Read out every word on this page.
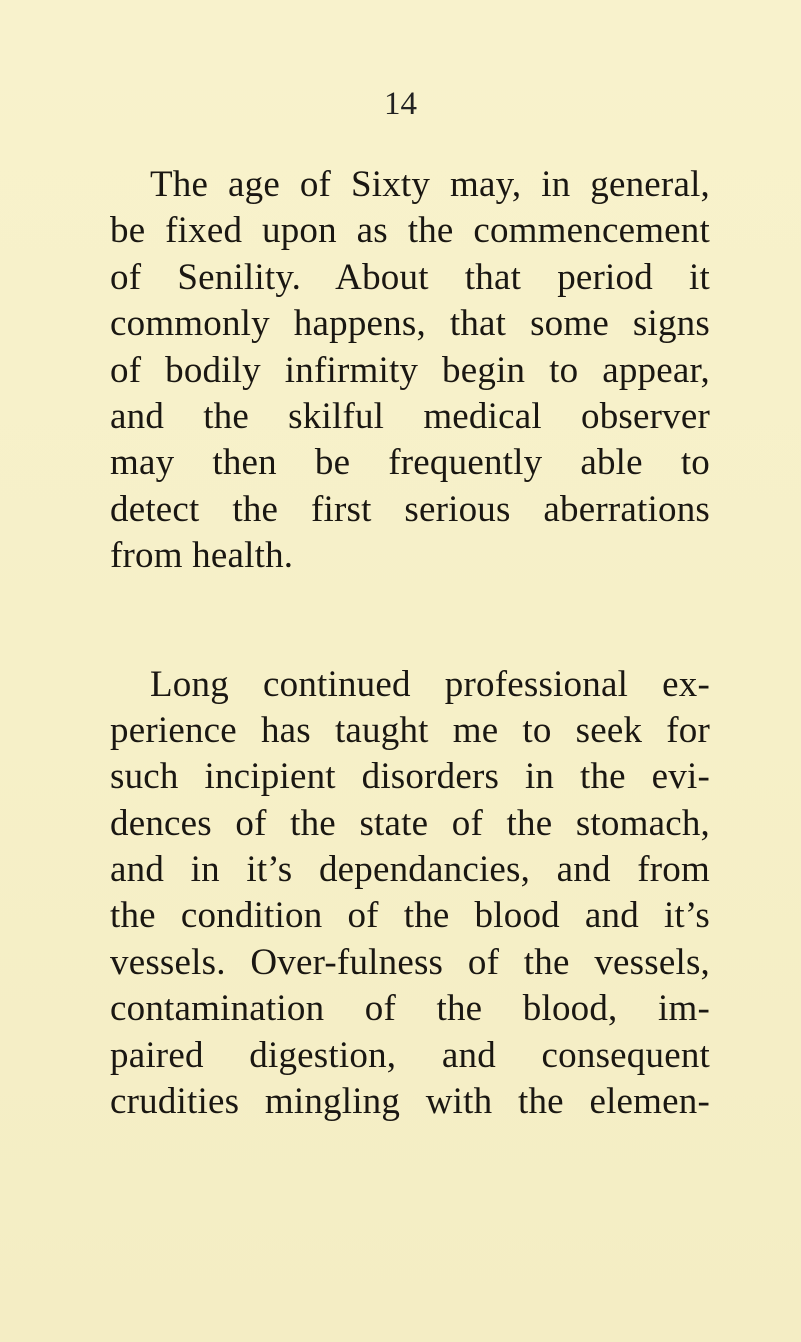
14
The age of Sixty may, in general,
be fixed upon as the commencement
of Senility. About that period it
commonly happens, that some signs
of bodily infirmity begin to appear,
and the skilful medical observer
may then be frequently able to
detect the first serious aberrations
from health.
Long continued professional ex-
perience has taught me to seek for
such incipient disorders in the evi-
dences of the state of the stomach,
and in it’s dependancies, and from
the condition of the blood and it’s
vessels. Over-fulness of the vessels,
contamination of the blood, im-
paired digestion, and consequent
crudities mingling with the elemen-
